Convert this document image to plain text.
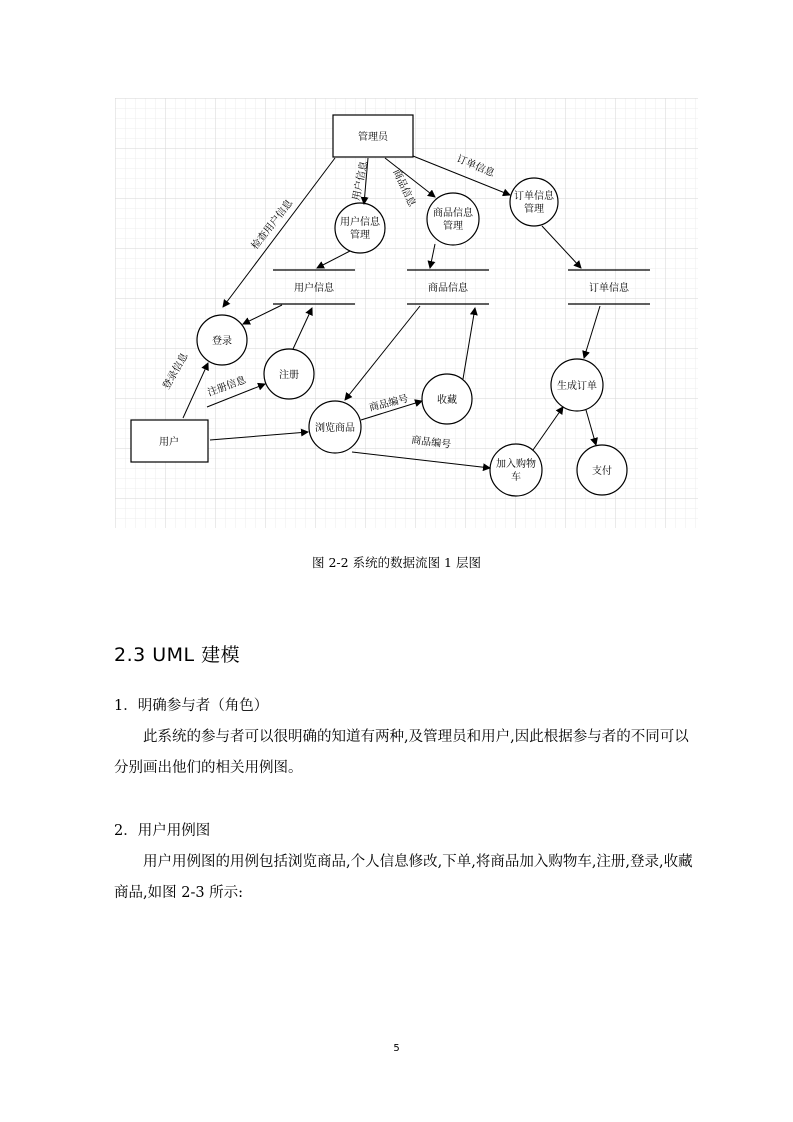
管理员
用户
用户信息	商品信息	订单信息
用户信息
管理
商品信息
管理
订单信息
管理
登录
注册
浏览商品
收藏
加入购物
车
生成订单
支付
检查用户信息
用户信息 商品信息
订单信息
登录信息 注册信息
商品编号
商品编号
图 2-2 系统的数据流图 1 层图
2.3 UML 建模
1．明确参与者（角色）
此系统的参与者可以很明确的知道有两种,及管理员和用户,因此根据参与者的不同可以分别画出他们的相关用例图。
2．用户用例图
用户用例图的用例包括浏览商品,个人信息修改,下单,将商品加入购物车,注册,登录,收藏商品,如图 2-3 所示:
5
